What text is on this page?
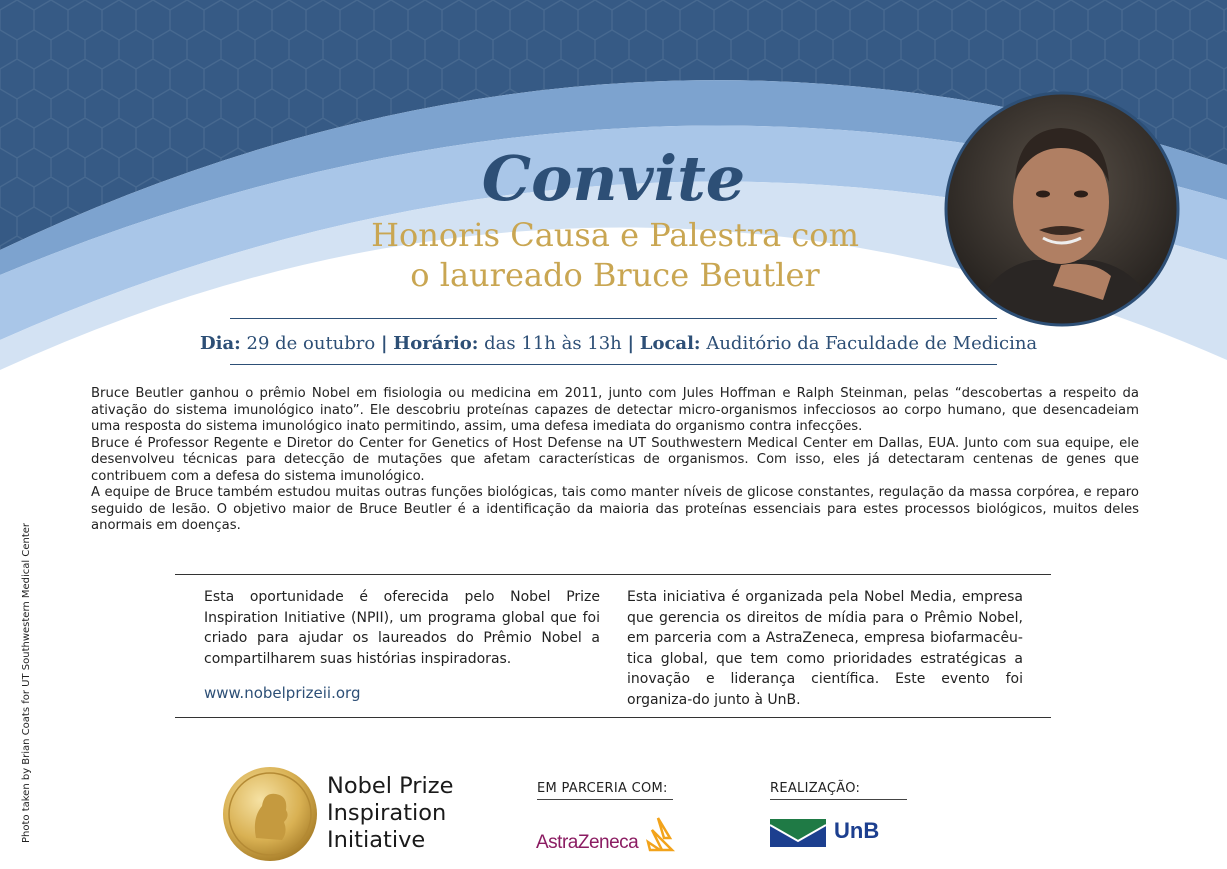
Convite
Honoris Causa e Palestra com
o laureado Bruce Beutler
Dia: 29 de outubro | Horário: das 11h às 13h | Local: Auditório da Faculdade de Medicina

Bruce Beutler ganhou o prêmio Nobel em fisiologia ou medicina em 2011, junto com Jules Hoffman e Ralph Steinman, pelas “descobertas a respeito da ativação do sistema imunológico inato”. Ele descobriu proteínas capazes de detectar micro-organismos infecciosos ao corpo humano, que desencadeiam uma resposta do sistema imunológico inato permitindo, assim, uma defesa imediata do organismo contra infecções.

Bruce é Professor Regente e Diretor do Center for Genetics of Host Defense na UT Southwestern Medical Center em Dallas, EUA. Junto com sua equipe, ele desenvolveu técnicas para detecção de mutações que afetam características de organismos. Com isso, eles já detectaram centenas de genes que contribuem com a defesa do sistema imunológico.

A equipe de Bruce também estudou muitas outras funções biológicas, tais como manter níveis de glicose constantes, regulação da massa corpórea, e reparo seguido de lesão. O objetivo maior de Bruce Beutler é a identificação da maioria das proteínas essenciais para estes processos biológicos, muitos deles anormais em doenças.

Esta oportunidade é oferecida pelo Nobel Prize Inspiration Initiative (NPII), um programa global que foi criado para ajudar os laureados do Prêmio Nobel a compartilharem suas histórias inspiradoras.

www.nobelprizeii.org

Esta iniciativa é organizada pela Nobel Media, empresa que gerencia os direitos de mídia para o Prêmio Nobel, em parceria com a AstraZeneca, empresa biofarmacêu-tica global, que tem como prioridades estratégicas a inovação e liderança científica. Este evento foi organiza-do junto à UnB.

Photo taken by Brian Coats for UT Southwestern Medical Center	Nobel Prize
Inspiration
Initiative
EM PARCERIA COM:
AstraZeneca
REALIZAÇÃO:
UnB
